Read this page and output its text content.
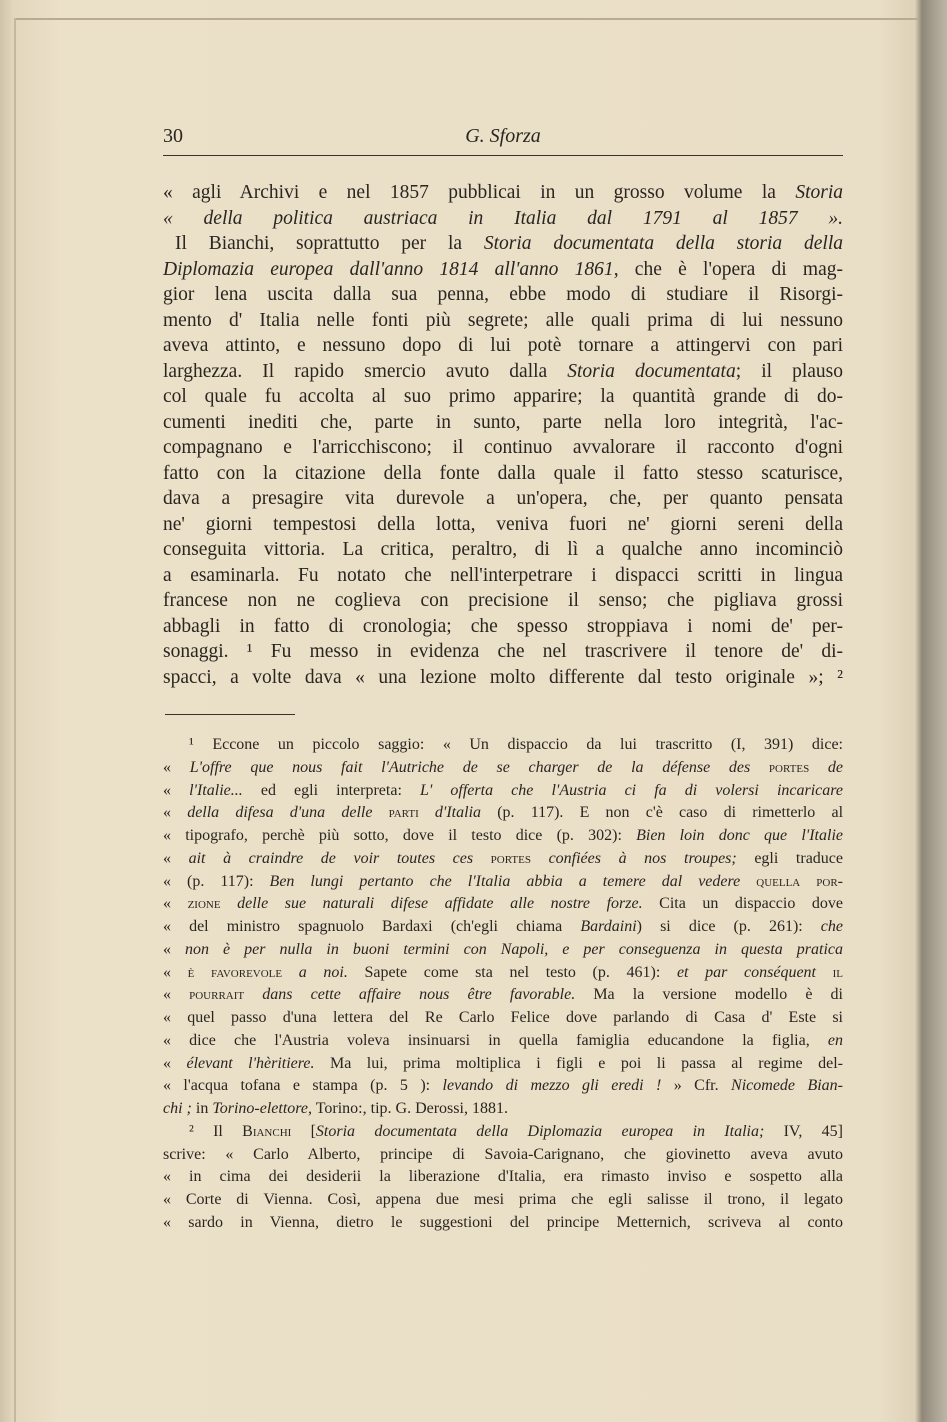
30	G. Sforza
« agli Archivi e nel 1857 pubblicai in un grosso volume la Storia
« della politica austriaca in Italia dal 1791 al 1857 ».
Il Bianchi, soprattutto per la Storia documentata della storia della
Diplomazia europea dall'anno 1814 all'anno 1861, che è l'opera di mag-
gior lena uscita dalla sua penna, ebbe modo di studiare il Risorgi-
mento d' Italia nelle fonti più segrete; alle quali prima di lui nessuno
aveva attinto, e nessuno dopo di lui potè tornare a attingervi con pari
larghezza. Il rapido smercio avuto dalla Storia documentata; il plauso
col quale fu accolta al suo primo apparire; la quantità grande di do-
cumenti inediti che, parte in sunto, parte nella loro integrità, l'ac-
compagnano e l'arricchiscono; il continuo avvalorare il racconto d'ogni
fatto con la citazione della fonte dalla quale il fatto stesso scaturisce,
dava a presagire vita durevole a un'opera, che, per quanto pensata
ne' giorni tempestosi della lotta, veniva fuori ne' giorni sereni della
conseguita vittoria. La critica, peraltro, di lì a qualche anno incominciò
a esaminarla. Fu notato che nell'interpetrare i dispacci scritti in lingua
francese non ne coglieva con precisione il senso; che pigliava grossi
abbagli in fatto di cronologia; che spesso stroppiava i nomi de' per-
sonaggi. ¹ Fu messo in evidenza che nel trascrivere il tenore de' di-
spacci, a volte dava « una lezione molto differente dal testo originale »; ²
¹ Eccone un piccolo saggio: « Un dispaccio da lui trascritto (I, 391) dice:
« L'offre que nous fait l'Autriche de se charger de la défense des portes de
« l'Italie... ed egli interpreta: L' offerta che l'Austria ci fa di volersi incaricare
« della difesa d'una delle parti d'Italia (p. 117). E non c'è caso di rimetterlo al
« tipografo, perchè più sotto, dove il testo dice (p. 302): Bien loin donc que l'Italie
« ait à craindre de voir toutes ces portes confiées à nos troupes; egli traduce
« (p. 117): Ben lungi pertanto che l'Italia abbia a temere dal vedere quella por-
« zione delle sue naturali difese affidate alle nostre forze. Cita un dispaccio dove
« del ministro spagnuolo Bardaxi (ch'egli chiama Bardaini) si dice (p. 261): che
« non è per nulla in buoni termini con Napoli, e per conseguenza in questa pratica
« è favorevole a noi. Sapete come sta nel testo (p. 461): et par conséquent il
« pourrait dans cette affaire nous être favorable. Ma la versione modello è di
« quel passo d'una lettera del Re Carlo Felice dove parlando di Casa d' Este si
« dice che l'Austria voleva insinuarsi in quella famiglia educandone la figlia, en
« élevant l'hèritiere. Ma lui, prima moltiplica i figli e poi li passa al regime del-
« l'acqua tofana e stampa (p. 5 ): levando di mezzo gli eredi ! » Cfr. Nicomede Bian-
chi ; in Torino-elettore, Torino:, tip. G. Derossi, 1881.
² Il Bianchi [Storia documentata della Diplomazia europea in Italia; IV, 45]
scrive: « Carlo Alberto, principe di Savoia-Carignano, che giovinetto aveva avuto
« in cima dei desiderii la liberazione d'Italia, era rimasto inviso e sospetto alla
« Corte di Vienna. Così, appena due mesi prima che egli salisse il trono, il legato
« sardo in Vienna, dietro le suggestioni del principe Metternich, scriveva al conto
